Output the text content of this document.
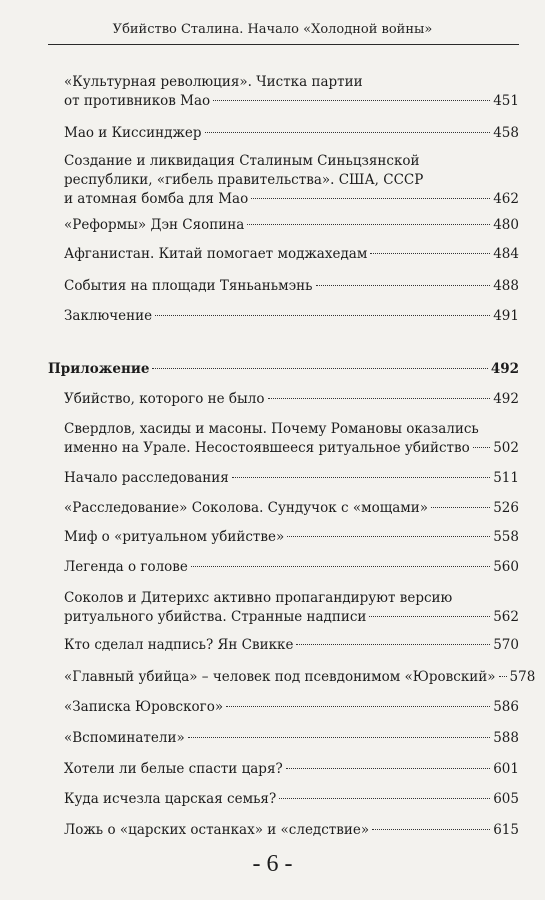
Убийство Сталина. Начало «Холодной войны»
«Культурная революция». Чистка партии
от противников Мао	451
Мао и Киссинджер	458
Создание и ликвидация Сталиным Синьцзянской
республики, «гибель правительства». США, СССР
и атомная бомба для Мао	462
«Реформы» Дэн Сяопина	480
Афганистан. Китай помогает моджахедам	484
События на площади Тяньаньмэнь	488
Заключение	491
Приложение	492
Убийство, которого не было	492
Свердлов, хасиды и масоны. Почему Романовы оказались
именно на Урале. Несостоявшееся ритуальное убийство 502
Начало расследования	511
«Расследование» Соколова. Сундучок с «мощами»	526
Миф о «ритуальном убийстве»	558
Легенда о голове	560
Соколов и Дитерихс активно пропагандируют версию
ритуального убийства. Странные надписи	562
Кто сделал надпись? Ян Свикке	570
«Главный убийца» – человек под псевдонимом «Юровский» 578
«Записка Юровского»	586
«Вспоминатели»	588
Хотели ли белые спасти царя?	601
Куда исчезла царская семья?	605
Ложь о «царских останках» и «следствие»	615
- 6 -
